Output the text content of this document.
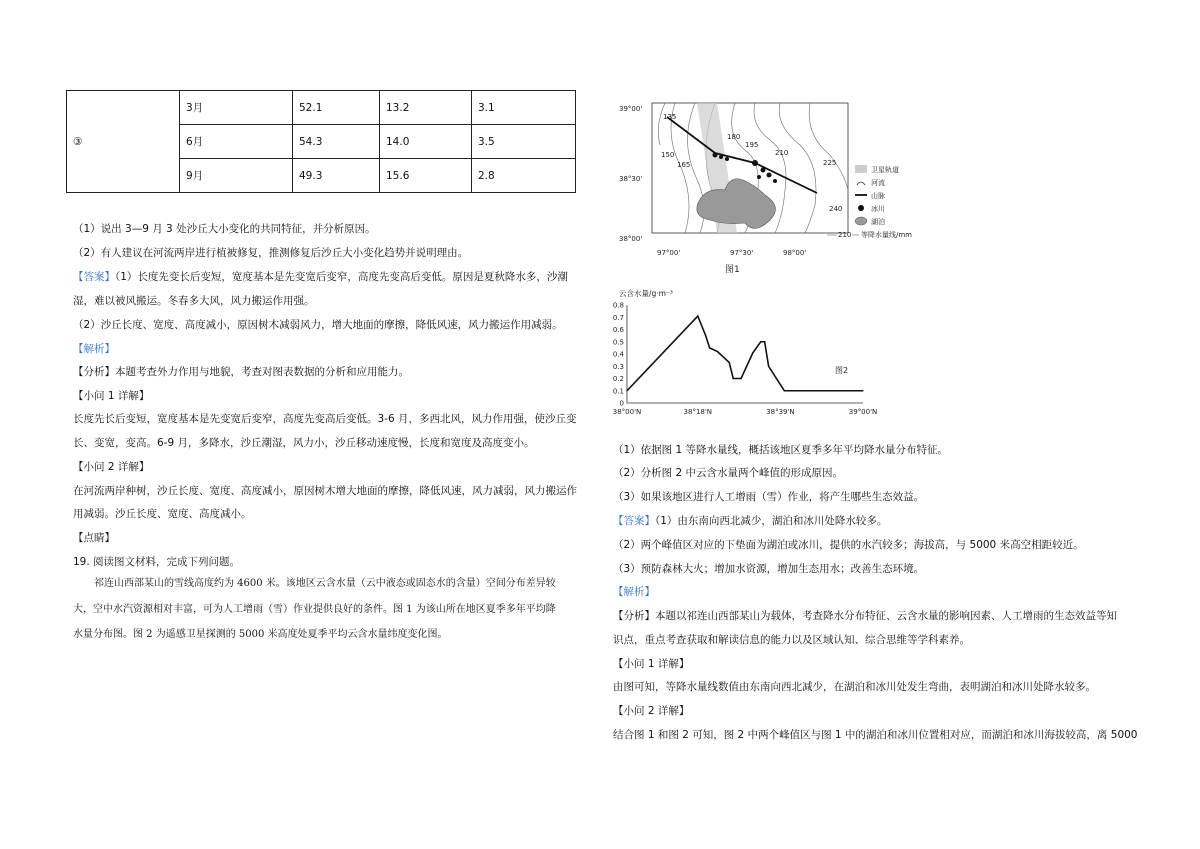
③	3月	52.1	13.2	3.1
	6月	54.3	14.0	3.5
	9月	49.3	15.6	2.8
（1）说出 3—9 月 3 处沙丘大小变化的共同特征，并分析原因。
（2）有人建议在河流两岸进行植被修复，推测修复后沙丘大小变化趋势并说明理由。
【答案】（1）长度先变长后变短，宽度基本是先变宽后变窄，高度先变高后变低。原因是夏秋降水多，沙潮
湿，难以被风搬运。冬春多大风，风力搬运作用强。
（2）沙丘长度、宽度、高度减小，原因树木减弱风力，增大地面的摩擦，降低风速，风力搬运作用减弱。
【解析】
【分析】本题考查外力作用与地貌，考查对图表数据的分析和应用能力。
【小问 1 详解】
长度先长后变短，宽度基本是先变宽后变窄，高度先变高后变低。3-6 月，多西北风，风力作用强，使沙丘变
长、变宽，变高。6-9 月，多降水，沙丘潮湿，风力小，沙丘移动速度慢，长度和宽度及高度变小。
【小问 2 详解】
在河流两岸种树，沙丘长度、宽度、高度减小，原因树木增大地面的摩擦，降低风速，风力减弱，风力搬运作
用减弱。沙丘长度、宽度、高度减小。
【点睛】
19. 阅读图文材料，完成下列问题。
祁连山西部某山的雪线高度约为 4600 米。该地区云含水量（云中液态或固态水的含量）空间分布差异较
大，空中水汽资源相对丰富，可为人工增雨（雪）作业提供良好的条件。图 1 为该山所在地区夏季多年平均降
水量分布图。图 2 为遥感卫星探测的 5000 米高度处夏季平均云含水量纬度变化图。
135
150
165
180
195
210
225
240
39°00'
38°30'
38°00'
97°00'	97°30'	98°00'
卫星轨道
河流
山脉
冰川
湖泊
210 等降水量线/mm
图1
云含水量/g·m⁻³
0.8
0.7
0.6
0.5
0.4
0.3
0.2
0.1
0
38°00'N	38°18'N	38°39'N	39°00'N
图2
（1）依据图 1 等降水量线，概括该地区夏季多年平均降水量分布特征。
（2）分析图 2 中云含水量两个峰值的形成原因。
（3）如果该地区进行人工增雨（雪）作业，将产生哪些生态效益。
【答案】（1）由东南向西北减少，湖泊和冰川处降水较多。
（2）两个峰值区对应的下垫面为湖泊或冰川，提供的水汽较多；海拔高，与 5000 米高空相距较近。
（3）预防森林大火；增加水资源，增加生态用水；改善生态环境。
【解析】
【分析】本题以祁连山西部某山为载体，考查降水分布特征、云含水量的影响因素、人工增雨的生态效益等知
识点，重点考查获取和解读信息的能力以及区域认知、综合思维等学科素养。
【小问 1 详解】
由图可知，等降水量线数值由东南向西北减少，在湖泊和冰川处发生弯曲，表明湖泊和冰川处降水较多。
【小问 2 详解】
结合图 1 和图 2 可知，图 2 中两个峰值区与图 1 中的湖泊和冰川位置相对应，而湖泊和冰川海拔较高，离 5000
